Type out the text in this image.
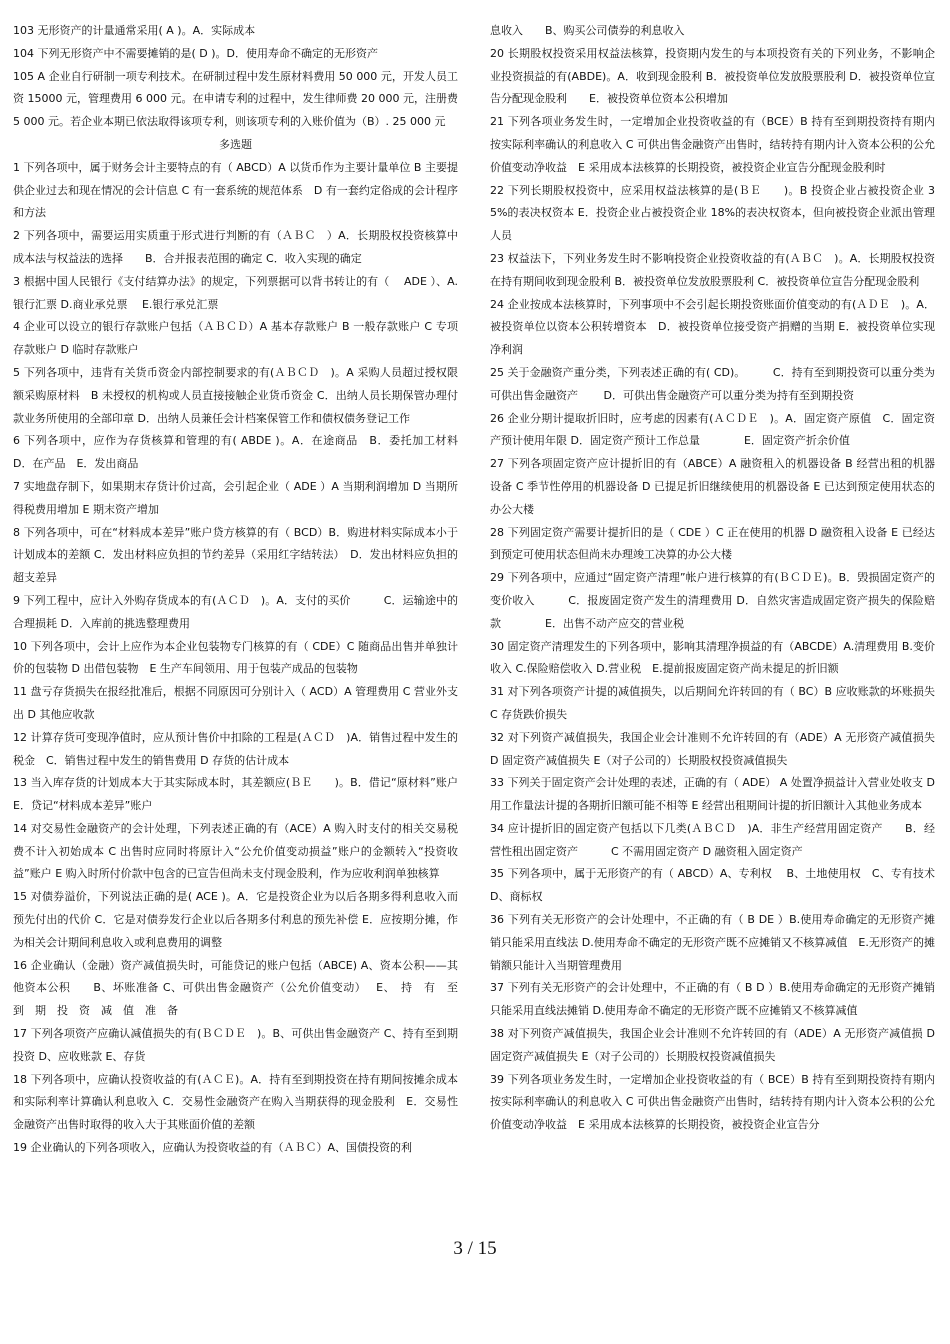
103 无形资产的计量通常采用( A )。A．实际成本

104 下列无形资产中不需要摊销的是( D )。D．使用寿命不确定的无形资产

105 A 企业自行研制一项专利技术。在研制过程中发生原材料费用 50 000 元，开发人员工资 15000 元，管理费用 6 000 元。在申请专利的过程中，发生律师费 20 000 元，注册费 5 000 元。若企业本期已依法取得该项专利，则该项专利的入账价值为（B）. 25 000 元

多选题

1 下列各项中，属于财务会计主要特点的有（ ABCD）A 以货币作为主要计量单位 B 主要提供企业过去和现在情况的会计信息 C 有一套系统的规范体系　D 有一套约定俗成的会计程序和方法

2 下列各项中，需要运用实质重于形式进行判断的有（ＡＢＣ　）A．长期股权投资核算中成本法与权益法的选择　　B．合并报表范围的确定 C．收入实现的确定

3 根据中国人民银行《支付结算办法》的规定，下列票据可以背书转让的有（　 ADE ）、A. 银行汇票 D.商业承兑票　 E.银行承兑汇票

4 企业可以设立的银行存款账户包括（ＡＢＣＤ）A 基本存款账户 B 一般存款账户 C 专项存款账户 D 临时存款账户

5 下列各项中，违背有关货币资金内部控制要求的有(ＡＢＣＤ　)。A 采购人员超过授权限额采购原材料　B 未授权的机构或人员直接接触企业货币资金 C．出纳人员长期保管办理付款业务所使用的全部印章 D．出纳人员兼任会计档案保管工作和债权债务登记工作

6 下列各项中，应作为存货核算和管理的有( ABDE )。A．在途商品　B．委托加工材料　D．在产品　E．发出商品

7 实地盘存制下，如果期末存货计价过高，会引起企业（ ADE ）A 当期利润增加 D 当期所得税费用增加 E 期末资产增加

8 下列各项中，可在“材料成本差异”账户贷方核算的有（ BCD）B．购进材料实际成本小于计划成本的差额 C．发出材料应负担的节约差异（采用红字结转法）　D．发出材料应负担的超支差异

9 下列工程中，应计入外购存货成本的有(ＡＣＤ　)。A．支付的买价　　　C．运输途中的合理损耗 D．入库前的挑选整理费用

10 下列各项中，会计上应作为本企业包装物专门核算的有（ CDE）C 随商品出售并单独计价的包装物 D 出借包装物　E 生产车间领用、用于包装产成品的包装物

11 盘亏存货损失在报经批准后，根据不同原因可分别计入（ ACD）A 管理费用 C 营业外支出 D 其他应收款

12 计算存货可变现净值时，应从预计售价中扣除的工程是(ＡＣＤ　)A．销售过程中发生的税金　C．销售过程中发生的销售费用 D 存货的估计成本

13 当入库存货的计划成本大于其实际成本时，其差额应(ＢＥ　　)。B．借记“原材料”账户　　　E．贷记“材料成本差异”账户

14 对交易性金融资产的会计处理，下列表述正确的有（ACE）A 购入时支付的相关交易税费不计入初始成本 C 出售时应同时将原计入“公允价值变动损益”账户的金额转入“投资收益”账户 E 购入时所付价款中包含的已宣告但尚未支付现金股利，作为应收利润单独核算

15 对债券溢价，下列说法正确的是( ACE )。A．它是投资企业为以后各期多得利息收入而预先付出的代价 C．它是对债券发行企业以后各期多付利息的预先补偿 E．应按期分摊，作为相关会计期间利息收入或利息费用的调整

16 企业确认（金融）资产减值损失时，可能贷记的账户包括（ABCE) A、资本公积——其他资本公积　　B、坏账准备 C、可供出售金融资产（公允价值变动）　 E、　持　有　至　到　期　投　资　减　值　准　备

17 下列各项资产应确认减值损失的有(ＢＣＤＥ　)。B、可供出售金融资产 C、持有至到期投资 D、应收账款 E、存货

18 下列各项中，应确认投资收益的有(ＡＣＥ)。A．持有至到期投资在持有期间按摊余成本和实际利率计算确认利息收入 C．交易性金融资产在购入当期获得的现金股利　E．交易性金融资产出售时取得的收入大于其账面价值的差额

19 企业确认的下列各项收入，应确认为投资收益的有（ＡＢＣ）A、国债投资的利

息收入　　B、购买公司债券的利息收入

20 长期股权投资采用权益法核算，投资期内发生的与本项投资有关的下列业务，不影响企业投资损益的有(ABDE)。A．收到现金股利 B．被投资单位发放股票股利 D．被投资单位宣告分配现金股利　　E．被投资单位资本公积增加

21 下列各项业务发生时，一定增加企业投资收益的有（BCE）B 持有至到期投资持有期内按实际利率确认的利息收入 C 可供出售金融资产出售时，结转持有期内计入资本公积的公允价值变动净收益　E 采用成本法核算的长期投资，被投资企业宣告分配现金股利时

22 下列长期股权投资中，应采用权益法核算的是(ＢＥ　　)。B 投资企业占被投资企业 35%的表决权资本 E．投资企业占被投资企业 18%的表决权资本，但向被投资企业派出管理人员

23 权益法下，下列业务发生时不影响投资企业投资收益的有(ＡＢＣ　)。A．长期股权投资在持有期间收到现金股利 B．被投资单位发放股票股利 C．被投资单位宣告分配现金股利

24 企业按成本法核算时，下列事项中不会引起长期投资账面价值变动的有(ＡＤＥ　)。A．被投资单位以资本公积转增资本　D．被投资单位接受资产捐赠的当期 E．被投资单位实现净利润

25 关于金融资产重分类，下列表述正确的有( CD)。　　　C．持有至到期投资可以重分类为可供出售金融资产　　 D．可供出售金融资产可以重分类为持有至到期投资

26 企业分期计提取折旧时，应考虑的因素有(ＡＣＤＥ　)。A．固定资产原值　C．固定资产预计使用年限 D．固定资产预计工作总量　　　　E．固定资产折余价值

27 下列各项固定资产应计提折旧的有（ABCE）A 融资租入的机器设备 B 经营出租的机器设备 C 季节性停用的机器设备 D 已提足折旧继续使用的机器设备 E 已达到预定使用状态的办公大楼

28 下列固定资产需要计提折旧的是（ CDE ）C 正在使用的机器 D 融资租入设备 E 已经达到预定可使用状态但尚未办理竣工决算的办公大楼

29 下列各项中，应通过“固定资产清理”帐户进行核算的有(ＢＣＤＥ)。B．毁损固定资产的变价收入　　　C．报废固定资产发生的清理费用 D．自然灾害造成固定资产损失的保险赔款　　　　E．出售不动产应交的营业税

30 固定资产清理发生的下列各项中，影响其清理净损益的有（ABCDE）A.清理费用 B.变价收入 C.保险赔偿收入 D.营业税　E.提前报废固定资产尚未提足的折旧额

31 对下列各项资产计提的减值损失，以后期间允许转回的有（ BC）B 应收账款的坏账损失 C 存货跌价损失

32 对下列资产减值损失，我国企业会计准则不允许转回的有（ADE）A 无形资产减值损失 D 固定资产减值损失 E（对子公司的）长期股权投资减值损失

33 下列关于固定资产会计处理的表述，正确的有（ ADE） A 处置净损益计入营业处收支 D 用工作量法计提的各期折旧额可能不相等 E 经营出租期间计提的折旧额计入其他业务成本

34 应计提折旧的固定资产包括以下几类(ＡＢＣＤ　)A．非生产经营用固定资产　　B．经营性租出固定资产　　　C 不需用固定资产 D 融资租入固定资产

35 下列各项中，属于无形资产的有（ ABCD）A、专利权　 B、土地使用权　C、专有技术　D、商标权

36 下列有关无形资产的会计处理中，不正确的有（ B DE ）B.使用寿命确定的无形资产摊销只能采用直线法 D.使用寿命不确定的无形资产既不应摊销又不核算减值　E.无形资产的摊销额只能计入当期管理费用

37 下列有关无形资产的会计处理中，不正确的有（ B D ）B.使用寿命确定的无形资产摊销只能采用直线法摊销 D.使用寿命不确定的无形资产既不应摊销又不核算减值

38 对下列资产减值损失，我国企业会计准则不允许转回的有（ADE）A 无形资产减值损 D 固定资产减值损失 E（对子公司的）长期股权投资减值损失

39 下列各项业务发生时，一定增加企业投资收益的有（ BCE）B 持有至到期投资持有期内按实际利率确认的利息收入 C 可供出售金融资产出售时，结转持有期内计入资本公积的公允价值变动净收益　E 采用成本法核算的长期投资，被投资企业宣告分

3 / 15
